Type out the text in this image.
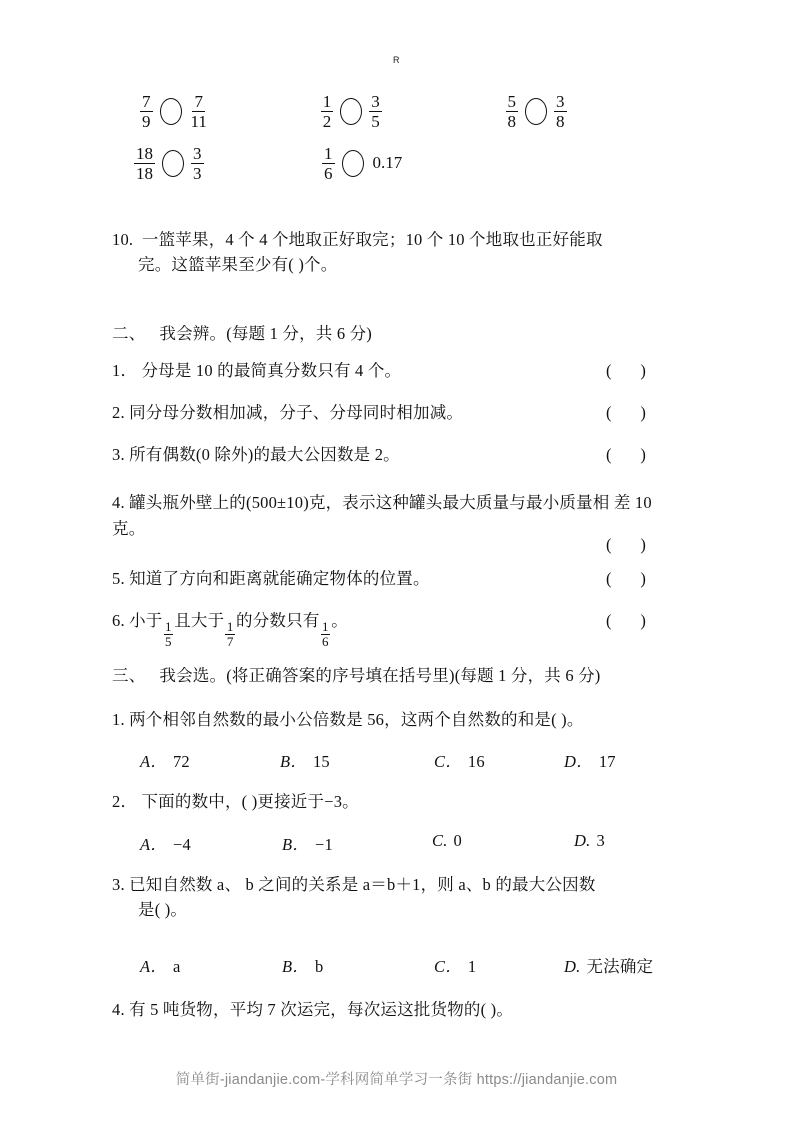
R
$\frac{7}{9} \frac{7}{11}$	$\frac{1}{2} \frac{3}{5}$	$\frac{5}{8} \frac{3}{8}$
$\frac{18}{18} \frac{3}{3}$	$\frac{1}{6} 0.17$
10. 一篮苹果，4 个 4 个地取正好取完；10 个 10 个地取也正好能取
完。这篮苹果至少有( )个。
二、 我会辨。(每题 1 分，共 6 分)
1． 分母是 10 的最简真分数只有 4 个。	(       )
2. 同分母分数相加减，分子、分母同时相加减。	(       )
3. 所有偶数(0 除外)的最大公因数是 2。	(       )
4. 罐头瓶外壁上的(500±10)克，表示这种罐头最大质量与最小质量相 差 10 克。
(       )
5. 知道了方向和距离就能确定物体的位置。	(       )
6. 小于 $\frac{1}{5}$ 且大于 $\frac{1}{7}$ 的分数只有 $\frac{1}{6}$ 。	(       )
三、 我会选。(将正确答案的序号填在括号里)(每题 1 分，共 6 分)
1. 两个相邻自然数的最小公倍数是 56，这两个自然数的和是( )。
A． 72	B． 15	C． 16	D． 17
2． 下面的数中，( )更接近于−3。
A． −4	B． −1	C. 0	D. 3
3. 已知自然数 a、 b 之间的关系是 a＝b＋1，则 a、b 的最大公因数
是( )。
A． a	B． b	C． 1	D. 无法确定
4. 有 5 吨货物，平均 7 次运完，每次运这批货物的( )。
简单街-jiandanjie.com-学科网简单学习一条街 https://jiandanjie.com
